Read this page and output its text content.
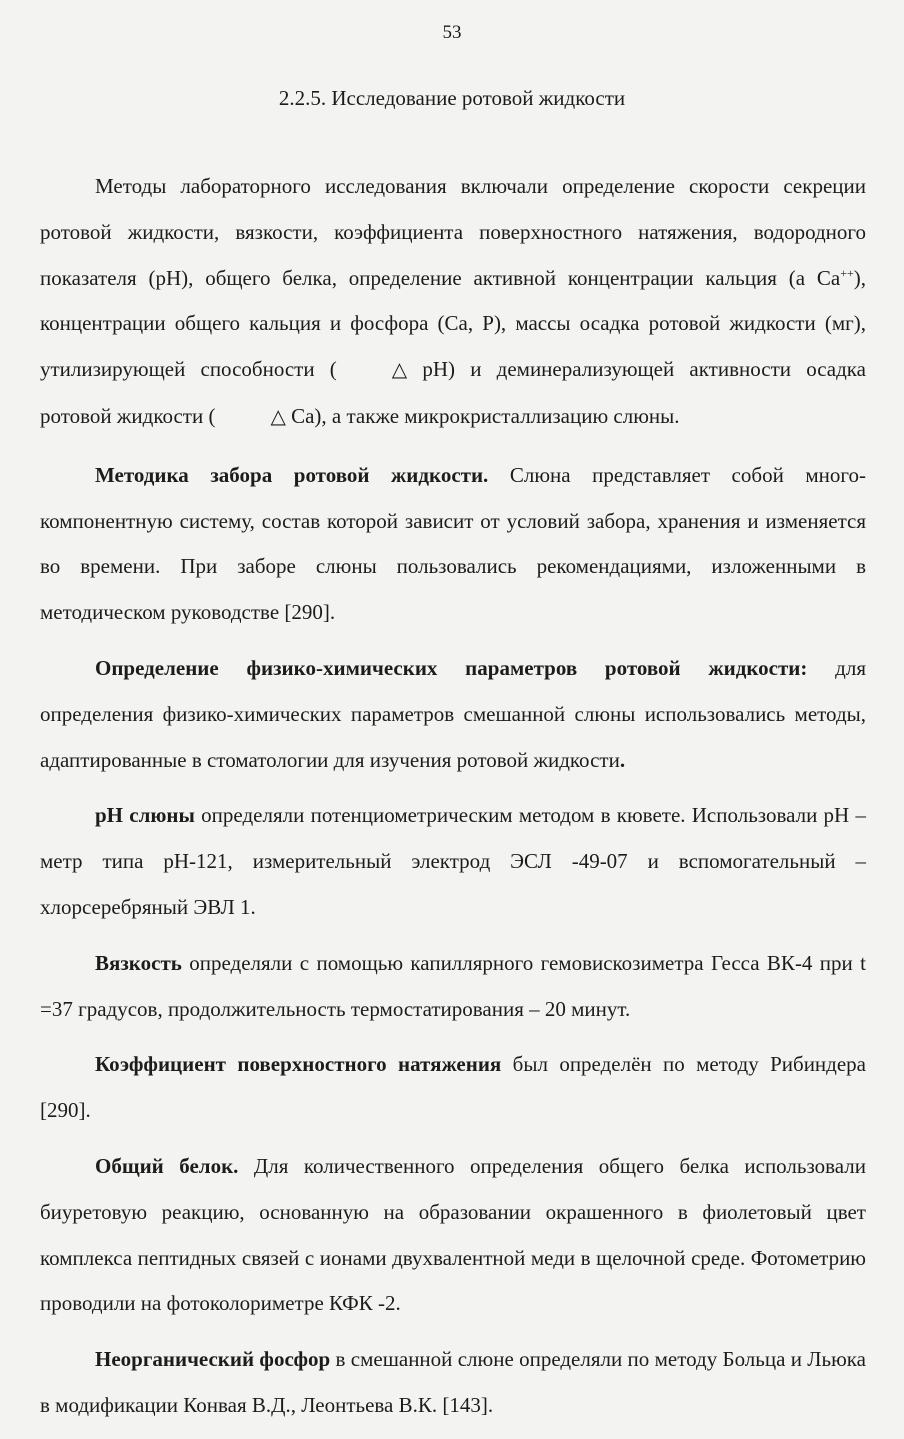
53
2.2.5. Исследование ротовой жидкости

Методы лабораторного исследования включали определение скорости секреции ротовой жидкости, вязкости, коэффициента поверхностного натяжения, водородного показателя (pH), общего белка, определение активной концентрации кальция (а Ca++), концентрации общего кальция и фосфора (Ca, P), массы осадка ротовой жидкости (мг), утилизирующей способности (	△ pH) и деминерализующей активности осадка ротовой жидкости (	△ Ca), а также микрокристаллизацию слюны.

Методика забора ротовой жидкости. Слюна представляет собой многокомпонентную систему, состав которой зависит от условий забора, хранения и изменяется во времени. При заборе слюны пользовались рекомендациями, изложенными в методическом руководстве [290].

Определение физико-химических параметров ротовой жидкости: для определения физико-химических параметров смешанной слюны использовались методы, адаптированные в стоматологии для изучения ротовой жидкости.

pH слюны определяли потенциометрическим методом в кювете. Использовали pH –метр типа pH-121, измерительный электрод ЭСЛ -49-07 и вспомогательный – хлорсеребряный ЭВЛ 1.

Вязкость определяли с помощью капиллярного гемовискозиметра Гесса ВК-4 при t =37 градусов, продолжительность термостатирования – 20 минут.

Коэффициент поверхностного натяжения был определён по методу Рибиндера [290].

Общий белок. Для количественного определения общего белка использовали биуретовую реакцию, основанную на образовании окрашенного в фиолетовый цвет комплекса пептидных связей с ионами двухвалентной меди в щелочной среде. Фотометрию проводили на фотоколориметре КФК -2.

Неорганический фосфор в смешанной слюне определяли по методу Больца и Льюка в модификации Конвая В.Д., Леонтьева В.К. [143].
